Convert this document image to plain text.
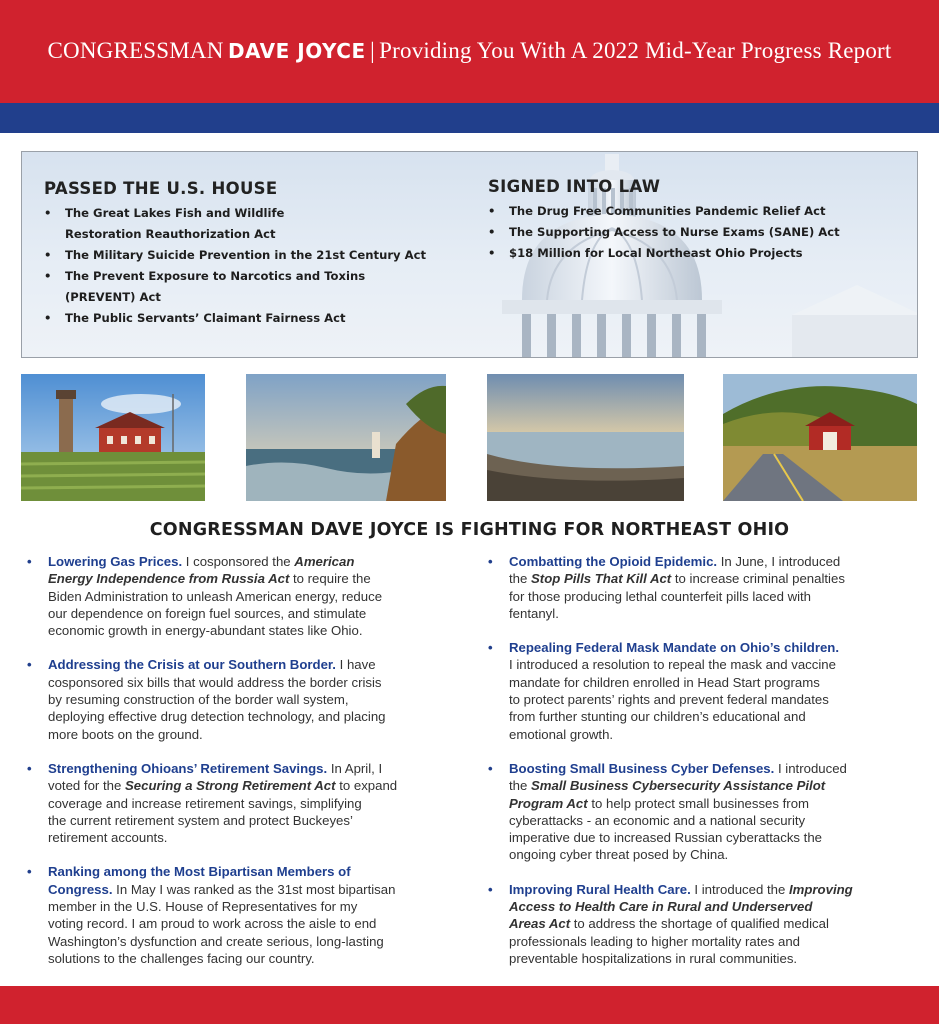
CONGRESSMAN DAVE JOYCE | Providing You With A 2022 Mid-Year Progress Report
PASSED THE U.S. HOUSE
• The Great Lakes Fish and Wildlife
Restoration Reauthorization Act
• The Military Suicide Prevention in the 21st Century Act
• The Prevent Exposure to Narcotics and Toxins
(PREVENT) Act
• The Public Servants’ Claimant Fairness Act
SIGNED INTO LAW
• The Drug Free Communities Pandemic Relief Act
• The Supporting Access to Nurse Exams (SANE) Act
• $18 Million for Local Northeast Ohio Projects
CONGRESSMAN DAVE JOYCE IS FIGHTING FOR NORTHEAST OHIO
• Lowering Gas Prices. I cosponsored the American
Energy Independence from Russia Act to require the
Biden Administration to unleash American energy, reduce
our dependence on foreign fuel sources, and stimulate
economic growth in energy-abundant states like Ohio.
• Addressing the Crisis at our Southern Border. I have
cosponsored six bills that would address the border crisis
by resuming construction of the border wall system,
deploying effective drug detection technology, and placing
more boots on the ground.
• Strengthening Ohioans’ Retirement Savings. In April, I
voted for the Securing a Strong Retirement Act to expand
coverage and increase retirement savings, simplifying
the current retirement system and protect Buckeyes’
retirement accounts.
• Ranking among the Most Bipartisan Members of
Congress. In May I was ranked as the 31st most bipartisan
member in the U.S. House of Representatives for my
voting record. I am proud to work across the aisle to end
Washington’s dysfunction and create serious, long-lasting
solutions to the challenges facing our country.
• Combatting the Opioid Epidemic. In June, I introduced
the Stop Pills That Kill Act to increase criminal penalties
for those producing lethal counterfeit pills laced with
fentanyl.
• Repealing Federal Mask Mandate on Ohio’s children.
I introduced a resolution to repeal the mask and vaccine
mandate for children enrolled in Head Start programs
to protect parents’ rights and prevent federal mandates
from further stunting our children’s educational and
emotional growth.
• Boosting Small Business Cyber Defenses. I introduced
the Small Business Cybersecurity Assistance Pilot
Program Act to help protect small businesses from
cyberattacks - an economic and a national security
imperative due to increased Russian cyberattacks the
ongoing cyber threat posed by China.
• Improving Rural Health Care. I introduced the Improving
Access to Health Care in Rural and Underserved
Areas Act to address the shortage of qualified medical
professionals leading to higher mortality rates and
preventable hospitalizations in rural communities.
